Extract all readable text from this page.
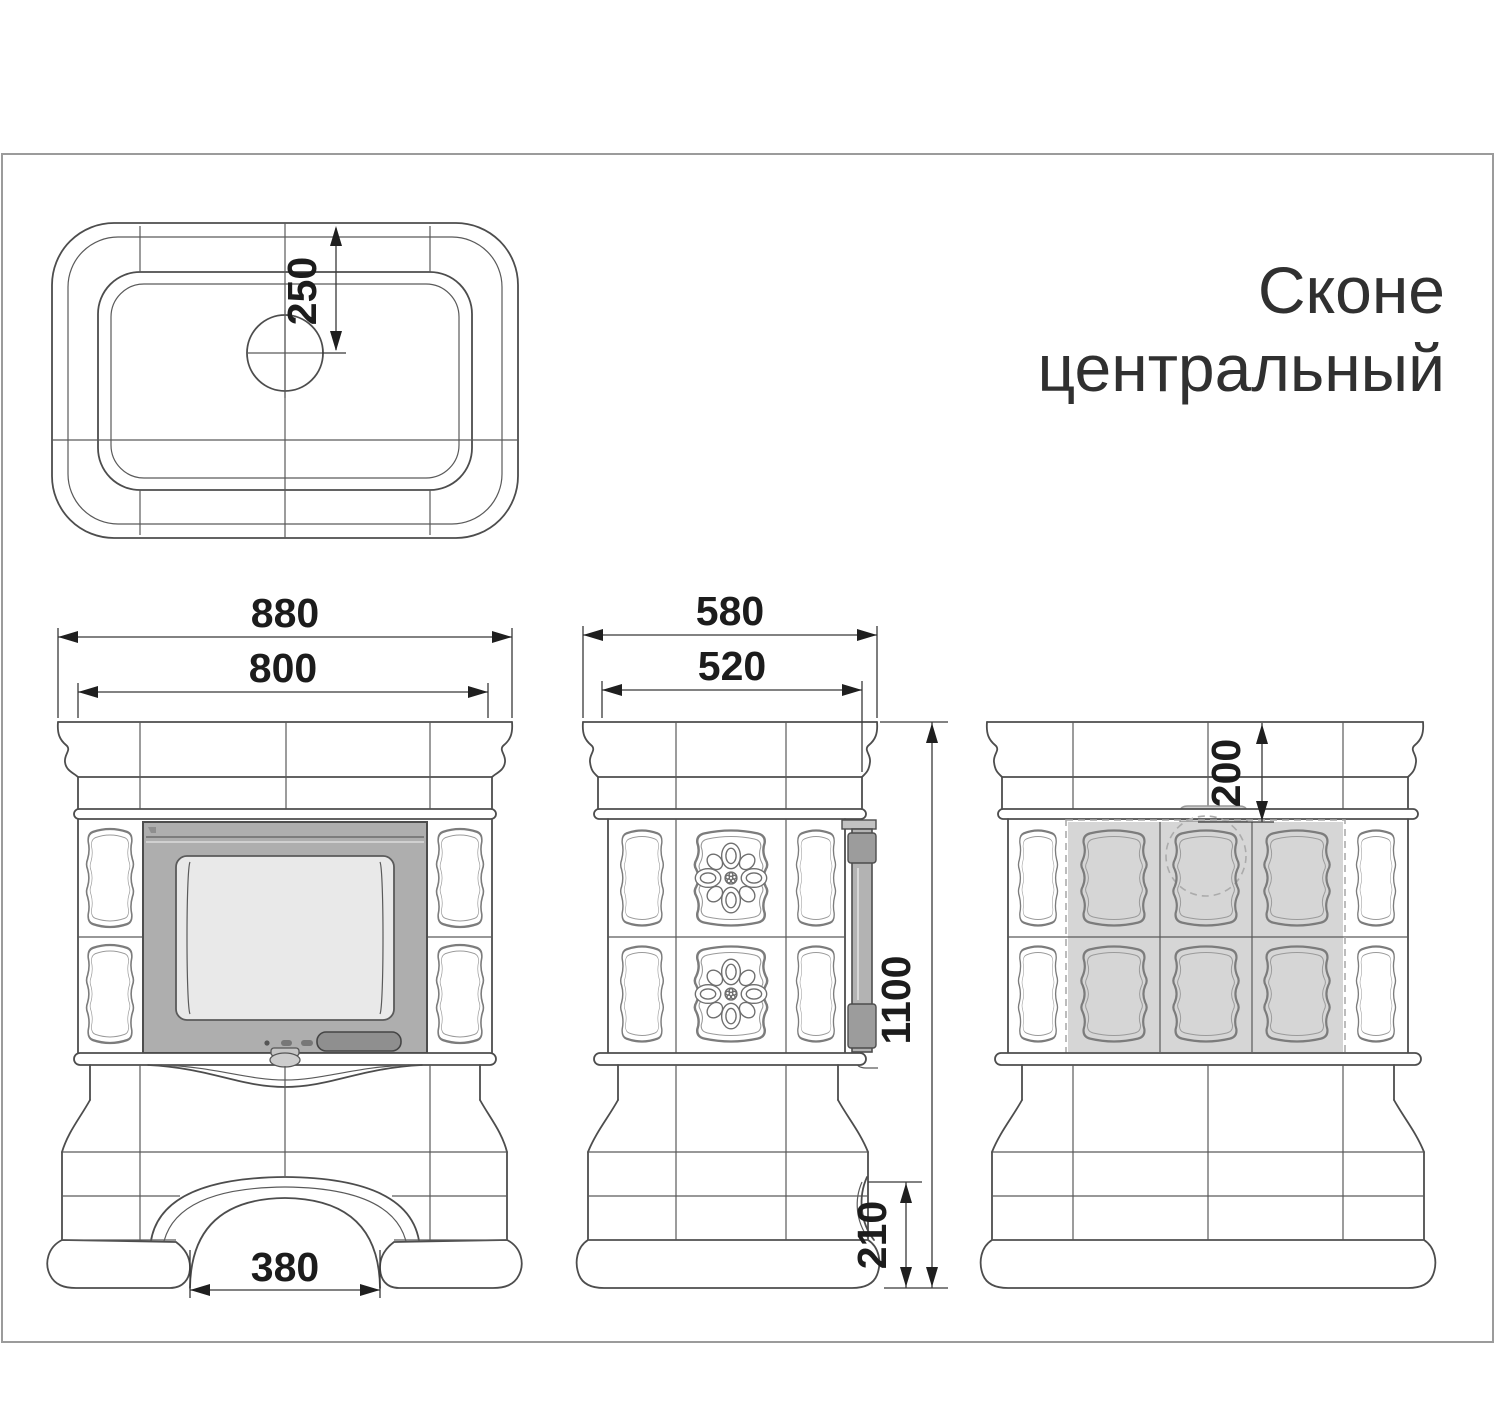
250
880
800
380
580
520
1100
210
200
Сконе
центральный
